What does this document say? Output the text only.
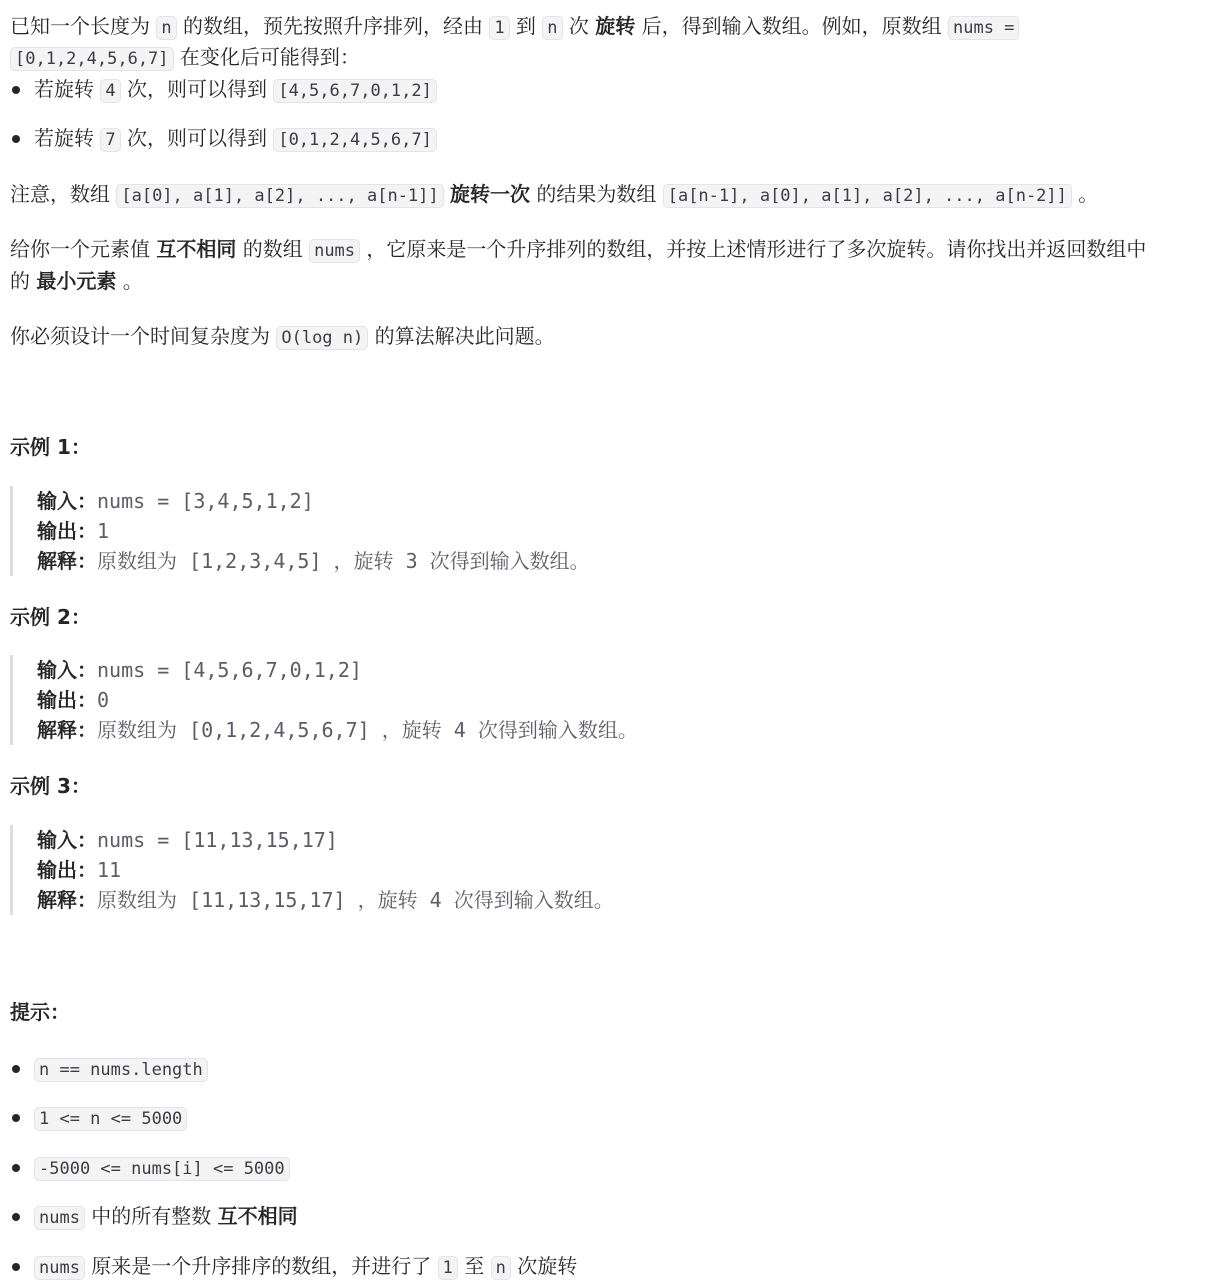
已知一个长度为 n 的数组，预先按照升序排列，经由 1 到 n 次 旋转 后，得到输入数组。例如，原数组 nums =

[0,1,2,4,5,6,7] 在变化后可能得到：

若旋转 4 次，则可以得到 [4,5,6,7,0,1,2]

若旋转 7 次，则可以得到 [0,1,2,4,5,6,7]

注意，数组 [a[0], a[1], a[2], ..., a[n-1]] 旋转一次 的结果为数组 [a[n-1], a[0], a[1], a[2], ..., a[n-2]] 。

给你一个元素值 互不相同 的数组 nums ，它原来是一个升序排列的数组，并按上述情形进行了多次旋转。请你找出并返回数组中

的 最小元素 。

你必须设计一个时间复杂度为 O(log n) 的算法解决此问题。

示例 1：

输入：nums = [3,4,5,1,2]
输出：1
解释：原数组为 [1,2,3,4,5] ，旋转 3 次得到输入数组。

示例 2：

输入：nums = [4,5,6,7,0,1,2]
输出：0
解释：原数组为 [0,1,2,4,5,6,7] ，旋转 4 次得到输入数组。

示例 3：

输入：nums = [11,13,15,17]
输出：11
解释：原数组为 [11,13,15,17] ，旋转 4 次得到输入数组。

提示：

n == nums.length

1 <= n <= 5000

-5000 <= nums[i] <= 5000

nums 中的所有整数 互不相同

nums 原来是一个升序排序的数组，并进行了 1 至 n 次旋转
